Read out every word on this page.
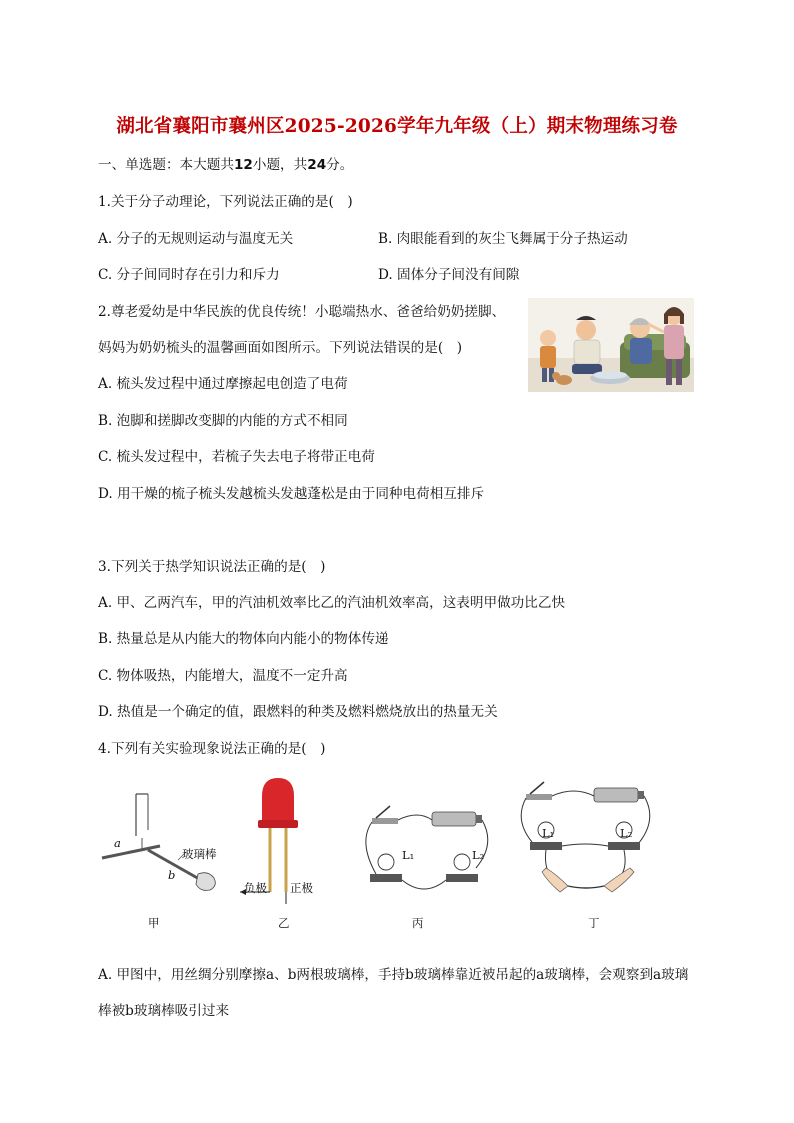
湖北省襄阳市襄州区2025-2026学年九年级（上）期末物理练习卷
一、单选题：本大题共12小题，共24分。
1.关于分子动理论，下列说法正确的是(　)
A. 分子的无规则运动与温度无关	B. 肉眼能看到的灰尘飞舞属于分子热运动
C. 分子间同时存在引力和斥力	D. 固体分子间没有间隙
2.尊老爱幼是中华民族的优良传统！小聪端热水、爸爸给奶奶搓脚、
妈妈为奶奶梳头的温馨画面如图所示。下列说法错误的是(　)
A. 梳头发过程中通过摩擦起电创造了电荷
B. 泡脚和搓脚改变脚的内能的方式不相同
C. 梳头发过程中，若梳子失去电子将带正电荷
D. 用干燥的梳子梳头发越梳头发越蓬松是由于同种电荷相互排斥
3.下列关于热学知识说法正确的是(　)
A. 甲、乙两汽车，甲的汽油机效率比乙的汽油机效率高，这表明甲做功比乙快
B. 热量总是从内能大的物体向内能小的物体传递
C. 物体吸热，内能增大，温度不一定升高
D. 热值是一个确定的值，跟燃料的种类及燃料燃烧放出的热量无关
4.下列有关实验现象说法正确的是(　)
a
b
玻璃棒
甲
负极 正极
乙
L₁	L₂
丙
L₁	L₂
丁
A. 甲图中，用丝绸分别摩擦a、b两根玻璃棒，手持b玻璃棒靠近被吊起的a玻璃棒，会观察到a玻璃
棒被b玻璃棒吸引过来
